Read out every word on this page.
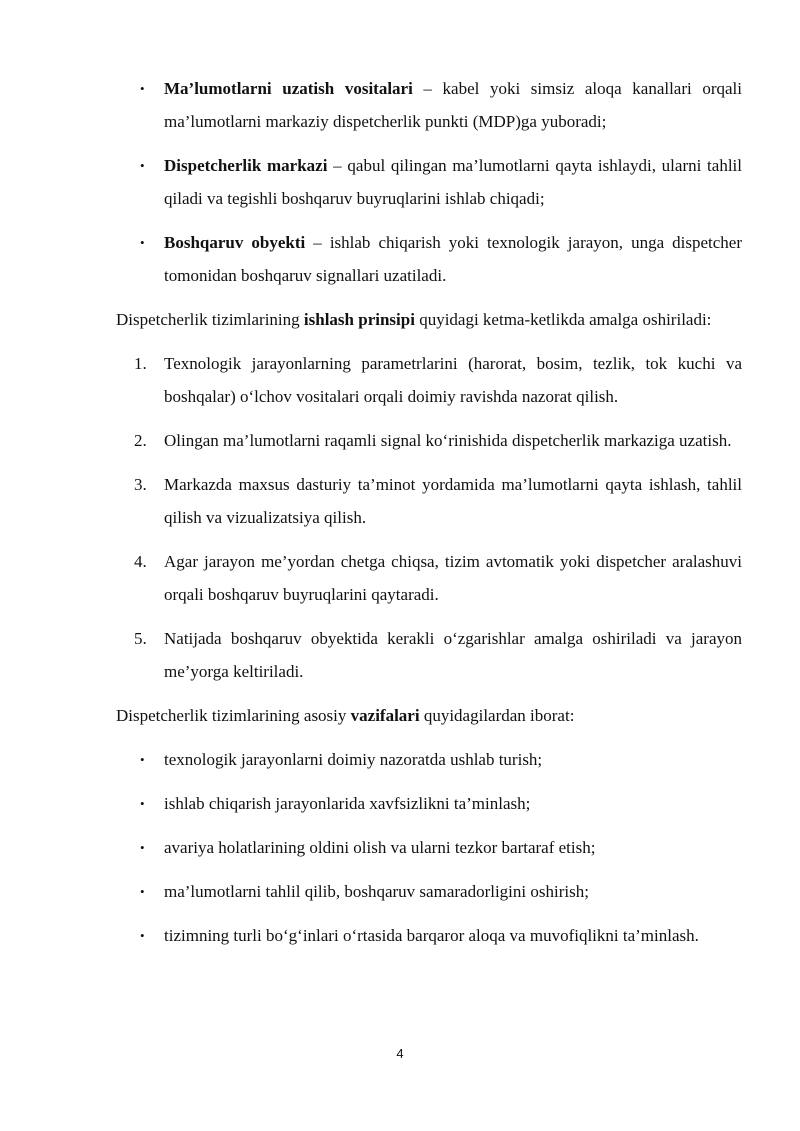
• Ma’lumotlarni uzatish vositalari – kabel yoki simsiz aloqa kanallari orqali ma’lumotlarni markaziy dispetcherlik punkti (MDP)ga yuboradi;
• Dispetcherlik markazi – qabul qilingan ma’lumotlarni qayta ishlaydi, ularni tahlil qiladi va tegishli boshqaruv buyruqlarini ishlab chiqadi;
• Boshqaruv obyekti – ishlab chiqarish yoki texnologik jarayon, unga dispetcher tomonidan boshqaruv signallari uzatiladi.

Dispetcherlik tizimlarining ishlash prinsipi quyidagi ketma-ketlikda amalga oshiriladi:

1. Texnologik jarayonlarning parametrlarini (harorat, bosim, tezlik, tok kuchi va boshqalar) o‘lchov vositalari orqali doimiy ravishda nazorat qilish.
2. Olingan ma’lumotlarni raqamli signal ko‘rinishida dispetcherlik markaziga uzatish.
3. Markazda maxsus dasturiy ta’minot yordamida ma’lumotlarni qayta ishlash, tahlil qilish va vizualizatsiya qilish.
4. Agar jarayon me’yordan chetga chiqsa, tizim avtomatik yoki dispetcher aralashuvi orqali boshqaruv buyruqlarini qaytaradi.
5. Natijada boshqaruv obyektida kerakli o‘zgarishlar amalga oshiriladi va jarayon me’yorga keltiriladi.

Dispetcherlik tizimlarining asosiy vazifalari quyidagilardan iborat:

• texnologik jarayonlarni doimiy nazoratda ushlab turish;
• ishlab chiqarish jarayonlarida xavfsizlikni ta’minlash;
• avariya holatlarining oldini olish va ularni tezkor bartaraf etish;
• ma’lumotlarni tahlil qilib, boshqaruv samaradorligini oshirish;
• tizimning turli bo‘g‘inlari o‘rtasida barqaror aloqa va muvofiqlikni ta’minlash.
4
